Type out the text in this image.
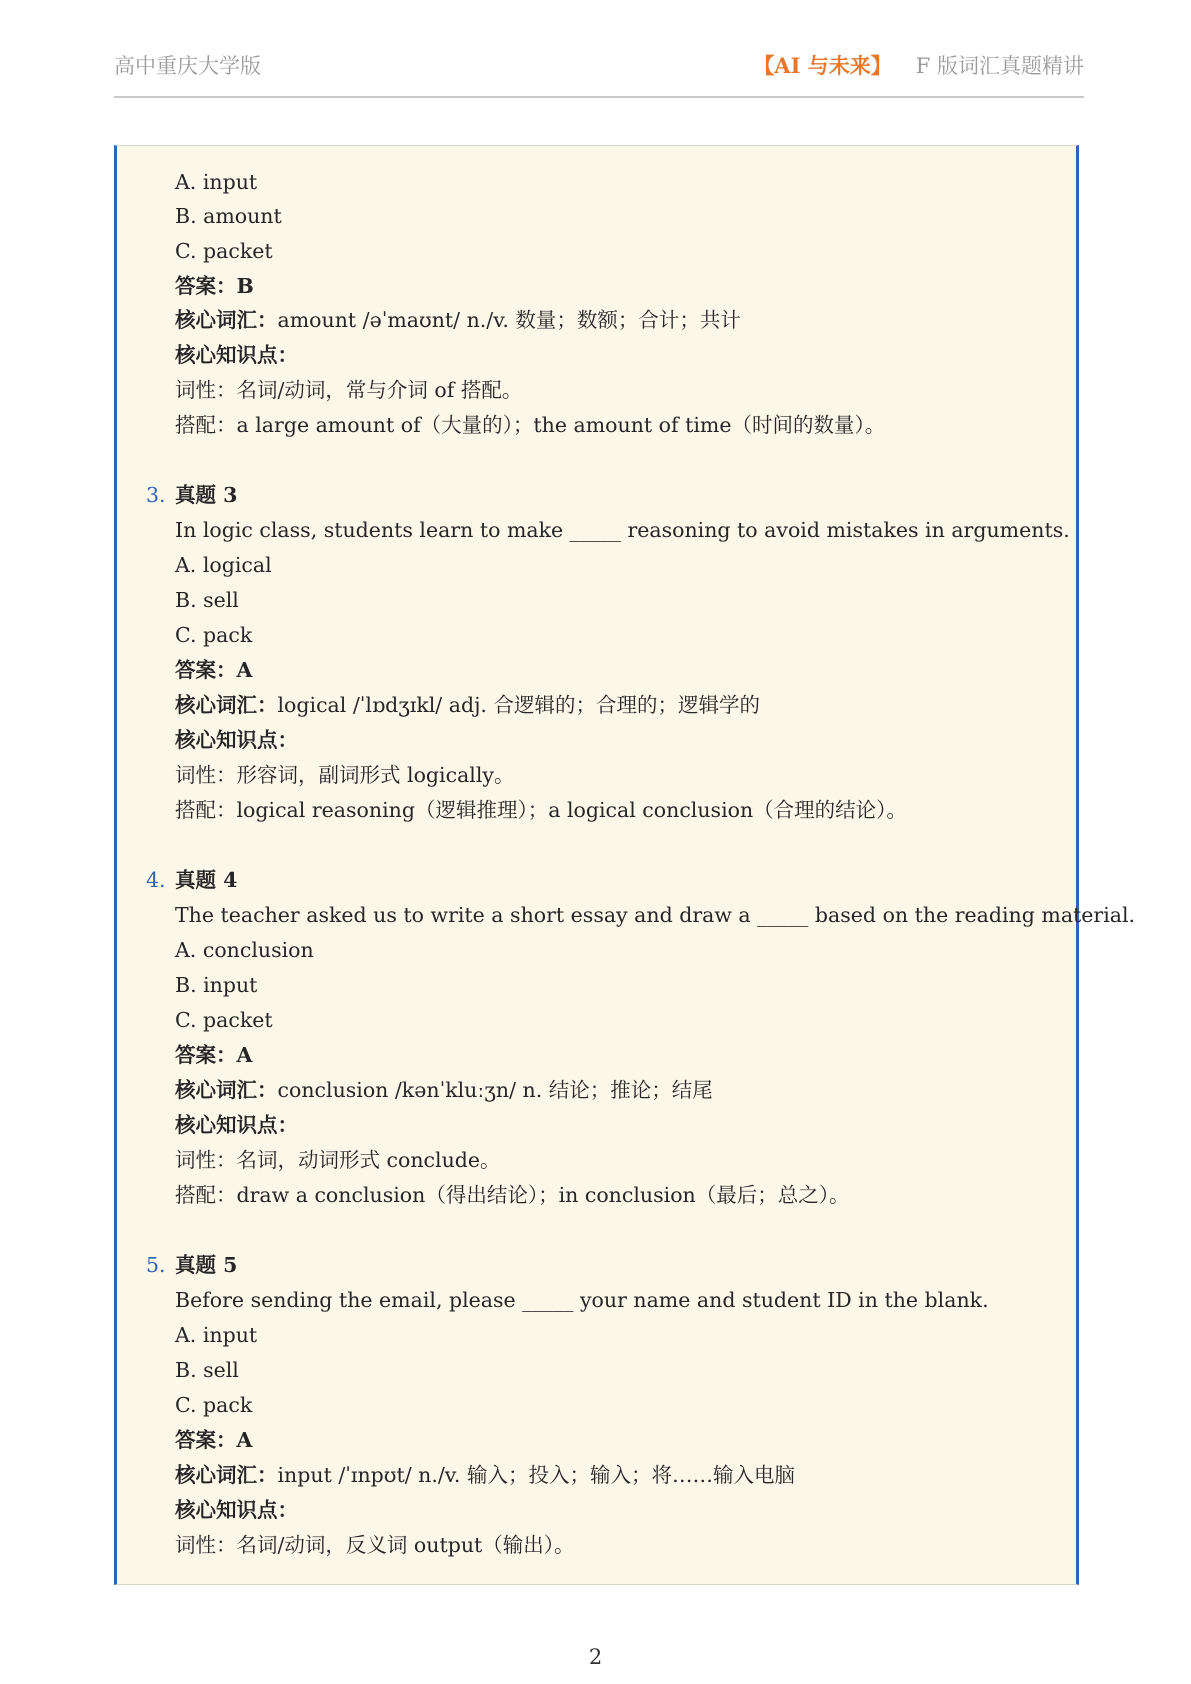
高中重庆大学版	【AI 与未来】 F 版词汇真题精讲
A. input
B. amount
C. packet
答案：B
核心词汇：amount /əˈmaʊnt/ n./v. 数量；数额；合计；共计
核心知识点：
词性：名词/动词，常与介词 of 搭配。
搭配：a large amount of（大量的）；the amount of time（时间的数量）。
3. 真题 3
In logic class, students learn to make _____ reasoning to avoid mistakes in arguments.
A. logical
B. sell
C. pack
答案：A
核心词汇：logical /ˈlɒdʒɪkl/ adj. 合逻辑的；合理的；逻辑学的
核心知识点：
词性：形容词，副词形式 logically。
搭配：logical reasoning（逻辑推理）；a logical conclusion（合理的结论）。
4. 真题 4
The teacher asked us to write a short essay and draw a _____ based on the reading material.
A. conclusion
B. input
C. packet
答案：A
核心词汇：conclusion /kənˈkluːʒn/ n. 结论；推论；结尾
核心知识点：
词性：名词，动词形式 conclude。
搭配：draw a conclusion（得出结论）；in conclusion（最后；总之）。
5. 真题 5
Before sending the email, please _____ your name and student ID in the blank.
A. input
B. sell
C. pack
答案：A
核心词汇：input /ˈɪnpʊt/ n./v. 输入；投入；输入；将……输入电脑
核心知识点：
词性：名词/动词，反义词 output（输出）。
2
